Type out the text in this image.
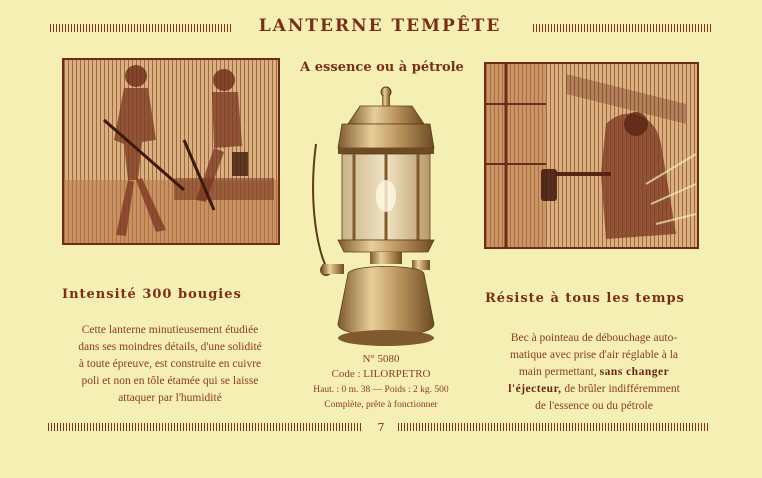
LANTERNE TEMPÊTE
A essence ou à pétrole
Intensité 300 bougies
Cette lanterne minutieusement étudiée
dans ses moindres détails, d'une solidité
à toute épreuve, est construite en cuivre
poli et non en tôle étamée qui se laisse
attaquer par l'humidité
Résiste à tous les temps
Bec à pointeau de débouchage auto-
matique avec prise d'air réglable à la
main permettant, sans changer
l'éjecteur, de brûler indifféremment
de l'essence ou du pétrole
N° 5080
Code : LILORPETRO
Haut. : 0 m. 38 — Poids : 2 kg. 500
Complète, prête à fonctionner
7
